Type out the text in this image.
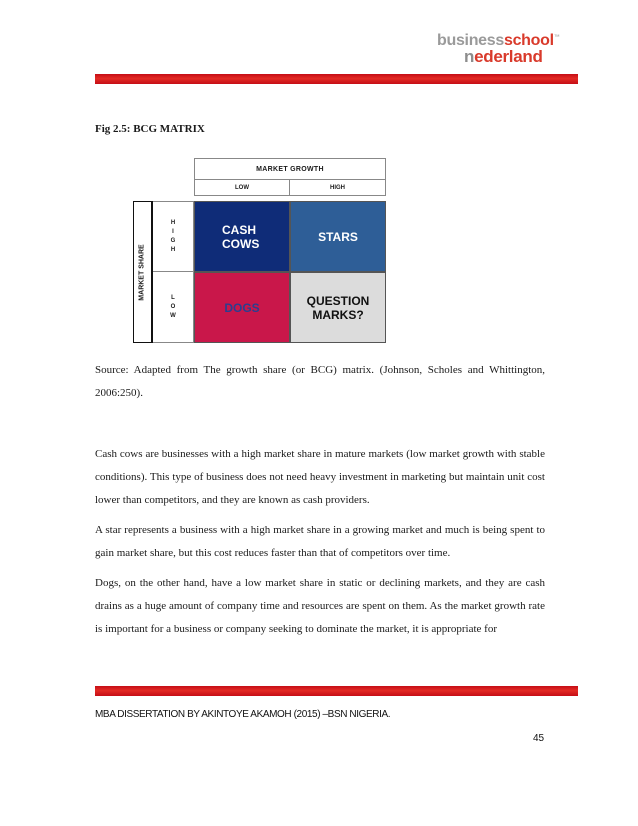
businessschool™
nederland
Fig 2.5: BCG MATRIX
MARKET GROWTH
LOW	HIGH
MARKET SHARE
H
I
G
H
L
O
W
CASH
COWS	STARS
DOGS	QUESTION
MARKS?

Source: Adapted from The growth share (or BCG) matrix. (Johnson, Scholes and Whittington, 2006:250).

Cash cows are businesses with a high market share in mature markets (low market growth with stable conditions). This type of business does not need heavy investment in marketing but maintain unit cost lower than competitors, and they are known as cash providers.

A star represents a business with a high market share in a growing market and much is being spent to gain market share, but this cost reduces faster than that of competitors over time.

Dogs, on the other hand, have a low market share in static or declining markets, and they are cash drains as a huge amount of company time and resources are spent on them. As the market growth rate is important for a business or company seeking to dominate the market, it is appropriate for

MBA DISSERTATION BY AKINTOYE AKAMOH (2015) –BSN NIGERIA.
45
